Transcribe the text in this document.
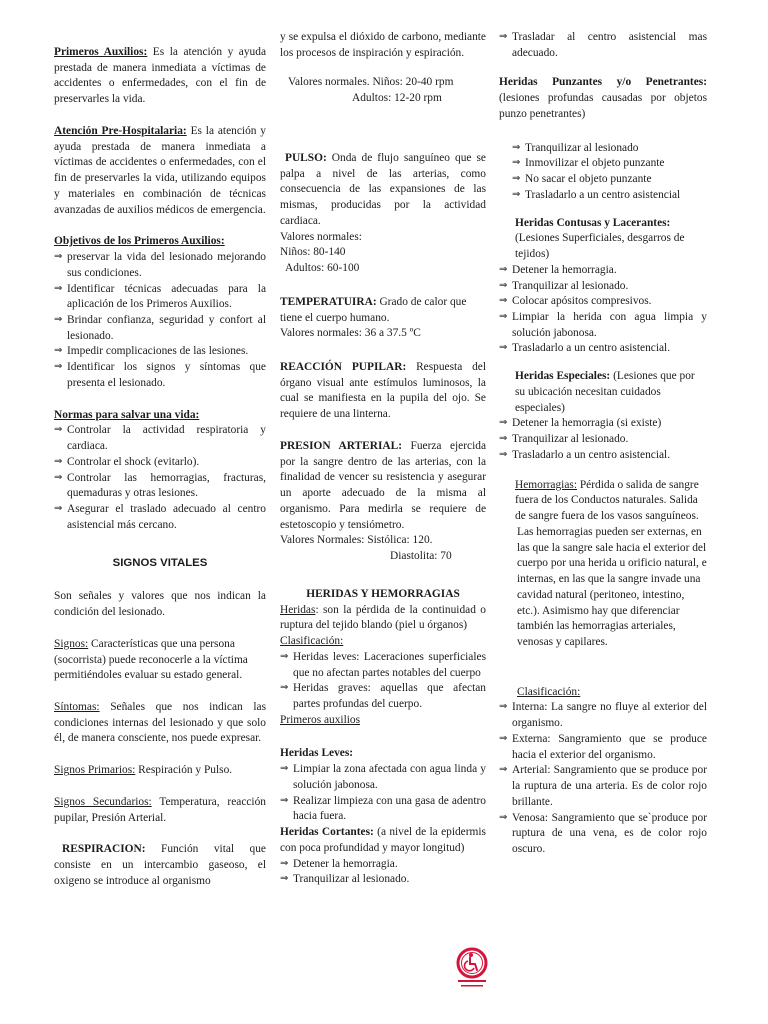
Primeros Auxilios: Es la atención y ayuda prestada de manera inmediata a víctimas de accidentes o enfermedades, con el fin de preservarles la vida.

Atención Pre-Hospitalaria: Es la atención y ayuda prestada de manera inmediata a víctimas de accidentes o enfermedades, con el fin de preservarles la vida, utilizando equipos y materiales en combinación de técnicas avanzadas de auxilios médicos de emergencia.

Objetivos de los Primeros Auxilios:

⇒ preservar la vida del lesionado mejorando sus condiciones.
⇒ Identificar técnicas adecuadas para la aplicación de los Primeros Auxilios.
⇒ Brindar confianza, seguridad y confort al lesionado.
⇒ Impedir complicaciones de las lesiones.
⇒ Identificar los signos y síntomas que presenta el lesionado.

Normas para salvar una vida:

⇒ Controlar la actividad respiratoria y cardiaca.
⇒ Controlar el shock (evitarlo).
⇒ Controlar las hemorragias, fracturas, quemaduras y otras lesiones.
⇒ Asegurar el traslado adecuado al centro asistencial más cercano.

SIGNOS VITALES

Son señales y valores que nos indican la condición del lesionado.

Signos: Características que una persona (socorrista) puede reconocerle a la víctima permitiéndoles evaluar su estado general.

Síntomas: Señales que nos indican las condiciones internas del lesionado y que solo él, de manera consciente, nos puede expresar.

Signos Primarios: Respiración y Pulso.

Signos Secundarios: Temperatura, reacción pupilar, Presión Arterial.

RESPIRACION: Función vital que consiste en un intercambio gaseoso, el oxigeno se introduce al organismo

y se expulsa el dióxido de carbono, mediante los procesos de inspiración y espiración.

Valores normales. Niños: 20-40 rpm

Adultos: 12-20 rpm

PULSO: Onda de flujo sanguíneo que se palpa a nivel de las arterias, como consecuencia de las expansiones de las mismas, producidas por la actividad cardiaca.

Valores normales:

Niños: 80-140

Adultos: 60-100

TEMPERATUIRA: Grado de calor que tiene el cuerpo humano.

Valores normales: 36 a 37.5 ºC

REACCIÓN PUPILAR: Respuesta del órgano visual ante estímulos luminosos, la cual se manifiesta en la pupila del ojo. Se requiere de una linterna.

PRESION ARTERIAL: Fuerza ejercida por la sangre dentro de las arterias, con la finalidad de vencer su resistencia y asegurar un aporte adecuado de la misma al organismo. Para medirla se requiere de estetoscopio y tensiómetro.

Valores Normales: Sistólica: 120.

Diastolita: 70

HERIDAS Y HEMORRAGIAS

Heridas: son la pérdida de la continuidad o ruptura del tejido blando (piel u órganos)

Clasificación:

⇒ Heridas leves: Laceraciones superficiales que no afectan partes notables del cuerpo
⇒ Heridas graves: aquellas que afectan partes profundas del cuerpo.

Primeros auxilios

Heridas Leves:

⇒ Limpiar la zona afectada con agua linda y solución jabonosa.
⇒ Realizar limpieza con una gasa de adentro hacia fuera.

Heridas Cortantes: (a nivel de la epidermis con poca profundidad y mayor longitud)

⇒ Detener la hemorragia.
⇒ Tranquilizar al lesionado.
⇒ Trasladar al centro asistencial mas adecuado.

Heridas Punzantes y/o Penetrantes: (lesiones profundas causadas por objetos punzo penetrantes)

⇒ Tranquilizar al lesionado
⇒ Inmovilizar el objeto punzante
⇒ No sacar el objeto punzante
⇒ Trasladarlo a un centro asistencial

Heridas Contusas y Lacerantes: (Lesiones Superficiales, desgarros de tejidos)

⇒ Detener la hemorragia.
⇒ Tranquilizar al lesionado.
⇒ Colocar apósitos compresivos.
⇒ Limpiar la herida con agua limpia y solución jabonosa.
⇒ Trasladarlo a un centro asistencial.

Heridas Especiales: (Lesiones que por su ubicación necesitan cuidados especiales)

⇒ Detener la hemorragia (si existe)
⇒ Tranquilizar al lesionado.
⇒ Trasladarlo a un centro asistencial.

Hemorragias: Pérdida o salida de sangre fuera de los Conductos naturales. Salida de sangre fuera de los vasos sanguíneos.

Las hemorragias pueden ser externas, en las que la sangre sale hacia el exterior del cuerpo por una herida u orificio natural, e internas, en las que la sangre invade una cavidad natural (peritoneo, intestino, etc.). Asimismo hay que diferenciar también las hemorragias arteriales, venosas y capilares.

Clasificación:

⇒ Interna: La sangre no fluye al exterior del organismo.
⇒ Externa: Sangramiento que se produce hacia el exterior del organismo.
⇒ Arterial: Sangramiento que se produce por la ruptura de una arteria. Es de color rojo brillante.
⇒ Venosa: Sangramiento que se`produce por ruptura de una vena, es de color rojo oscuro.
